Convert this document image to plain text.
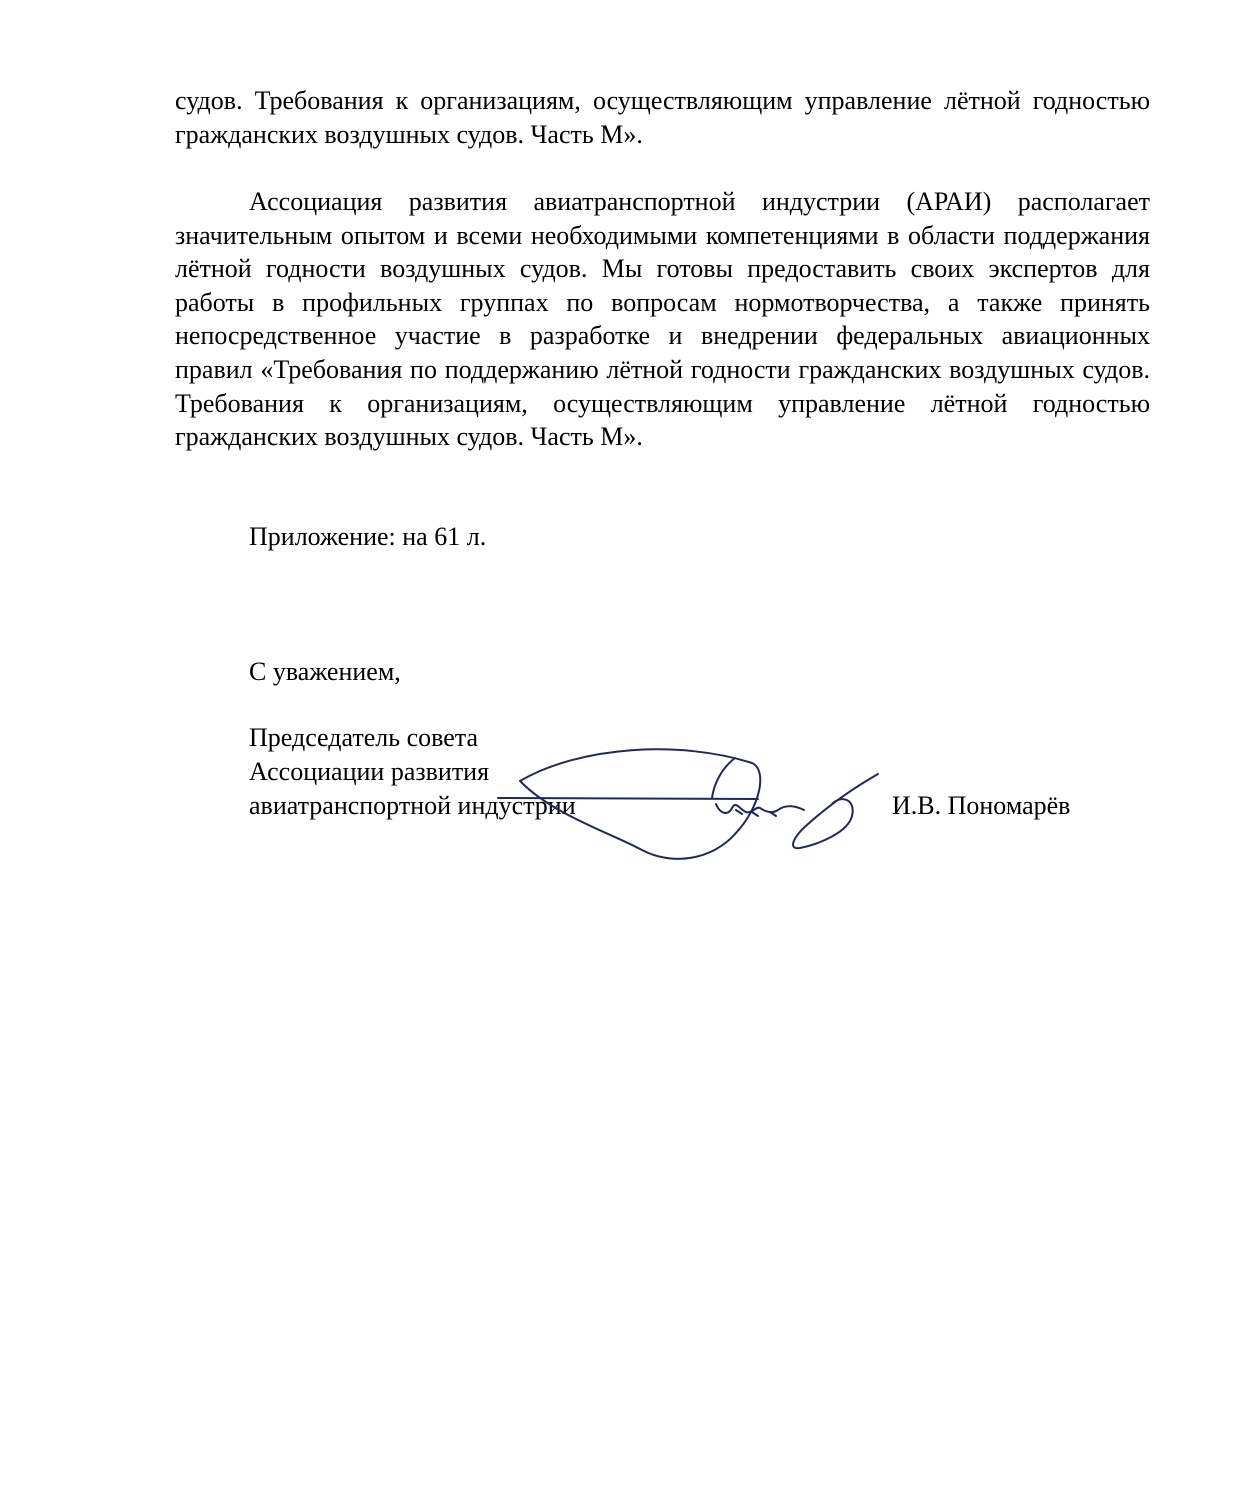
судов. Требования к организациям, осуществляющим управление лётной годностью гражданских воздушных судов. Часть М».
Ассоциация развития авиатранспортной индустрии (АРАИ) располагает значительным опытом и всеми необходимыми компетенциями в области поддержания лётной годности воздушных судов. Мы готовы предоставить своих экспертов для работы в профильных группах по вопросам нормотворчества, а также принять непосредственное участие в разработке и внедрении федеральных авиационных правил «Требования по поддержанию лётной годности гражданских воздушных судов. Требования к организациям, осуществляющим управление лётной годностью гражданских воздушных судов. Часть М».
Приложение: на 61 л.
С уважением,
Председатель совета
Ассоциации развития
авиатранспортной индустрии	И.В. Пономарёв
